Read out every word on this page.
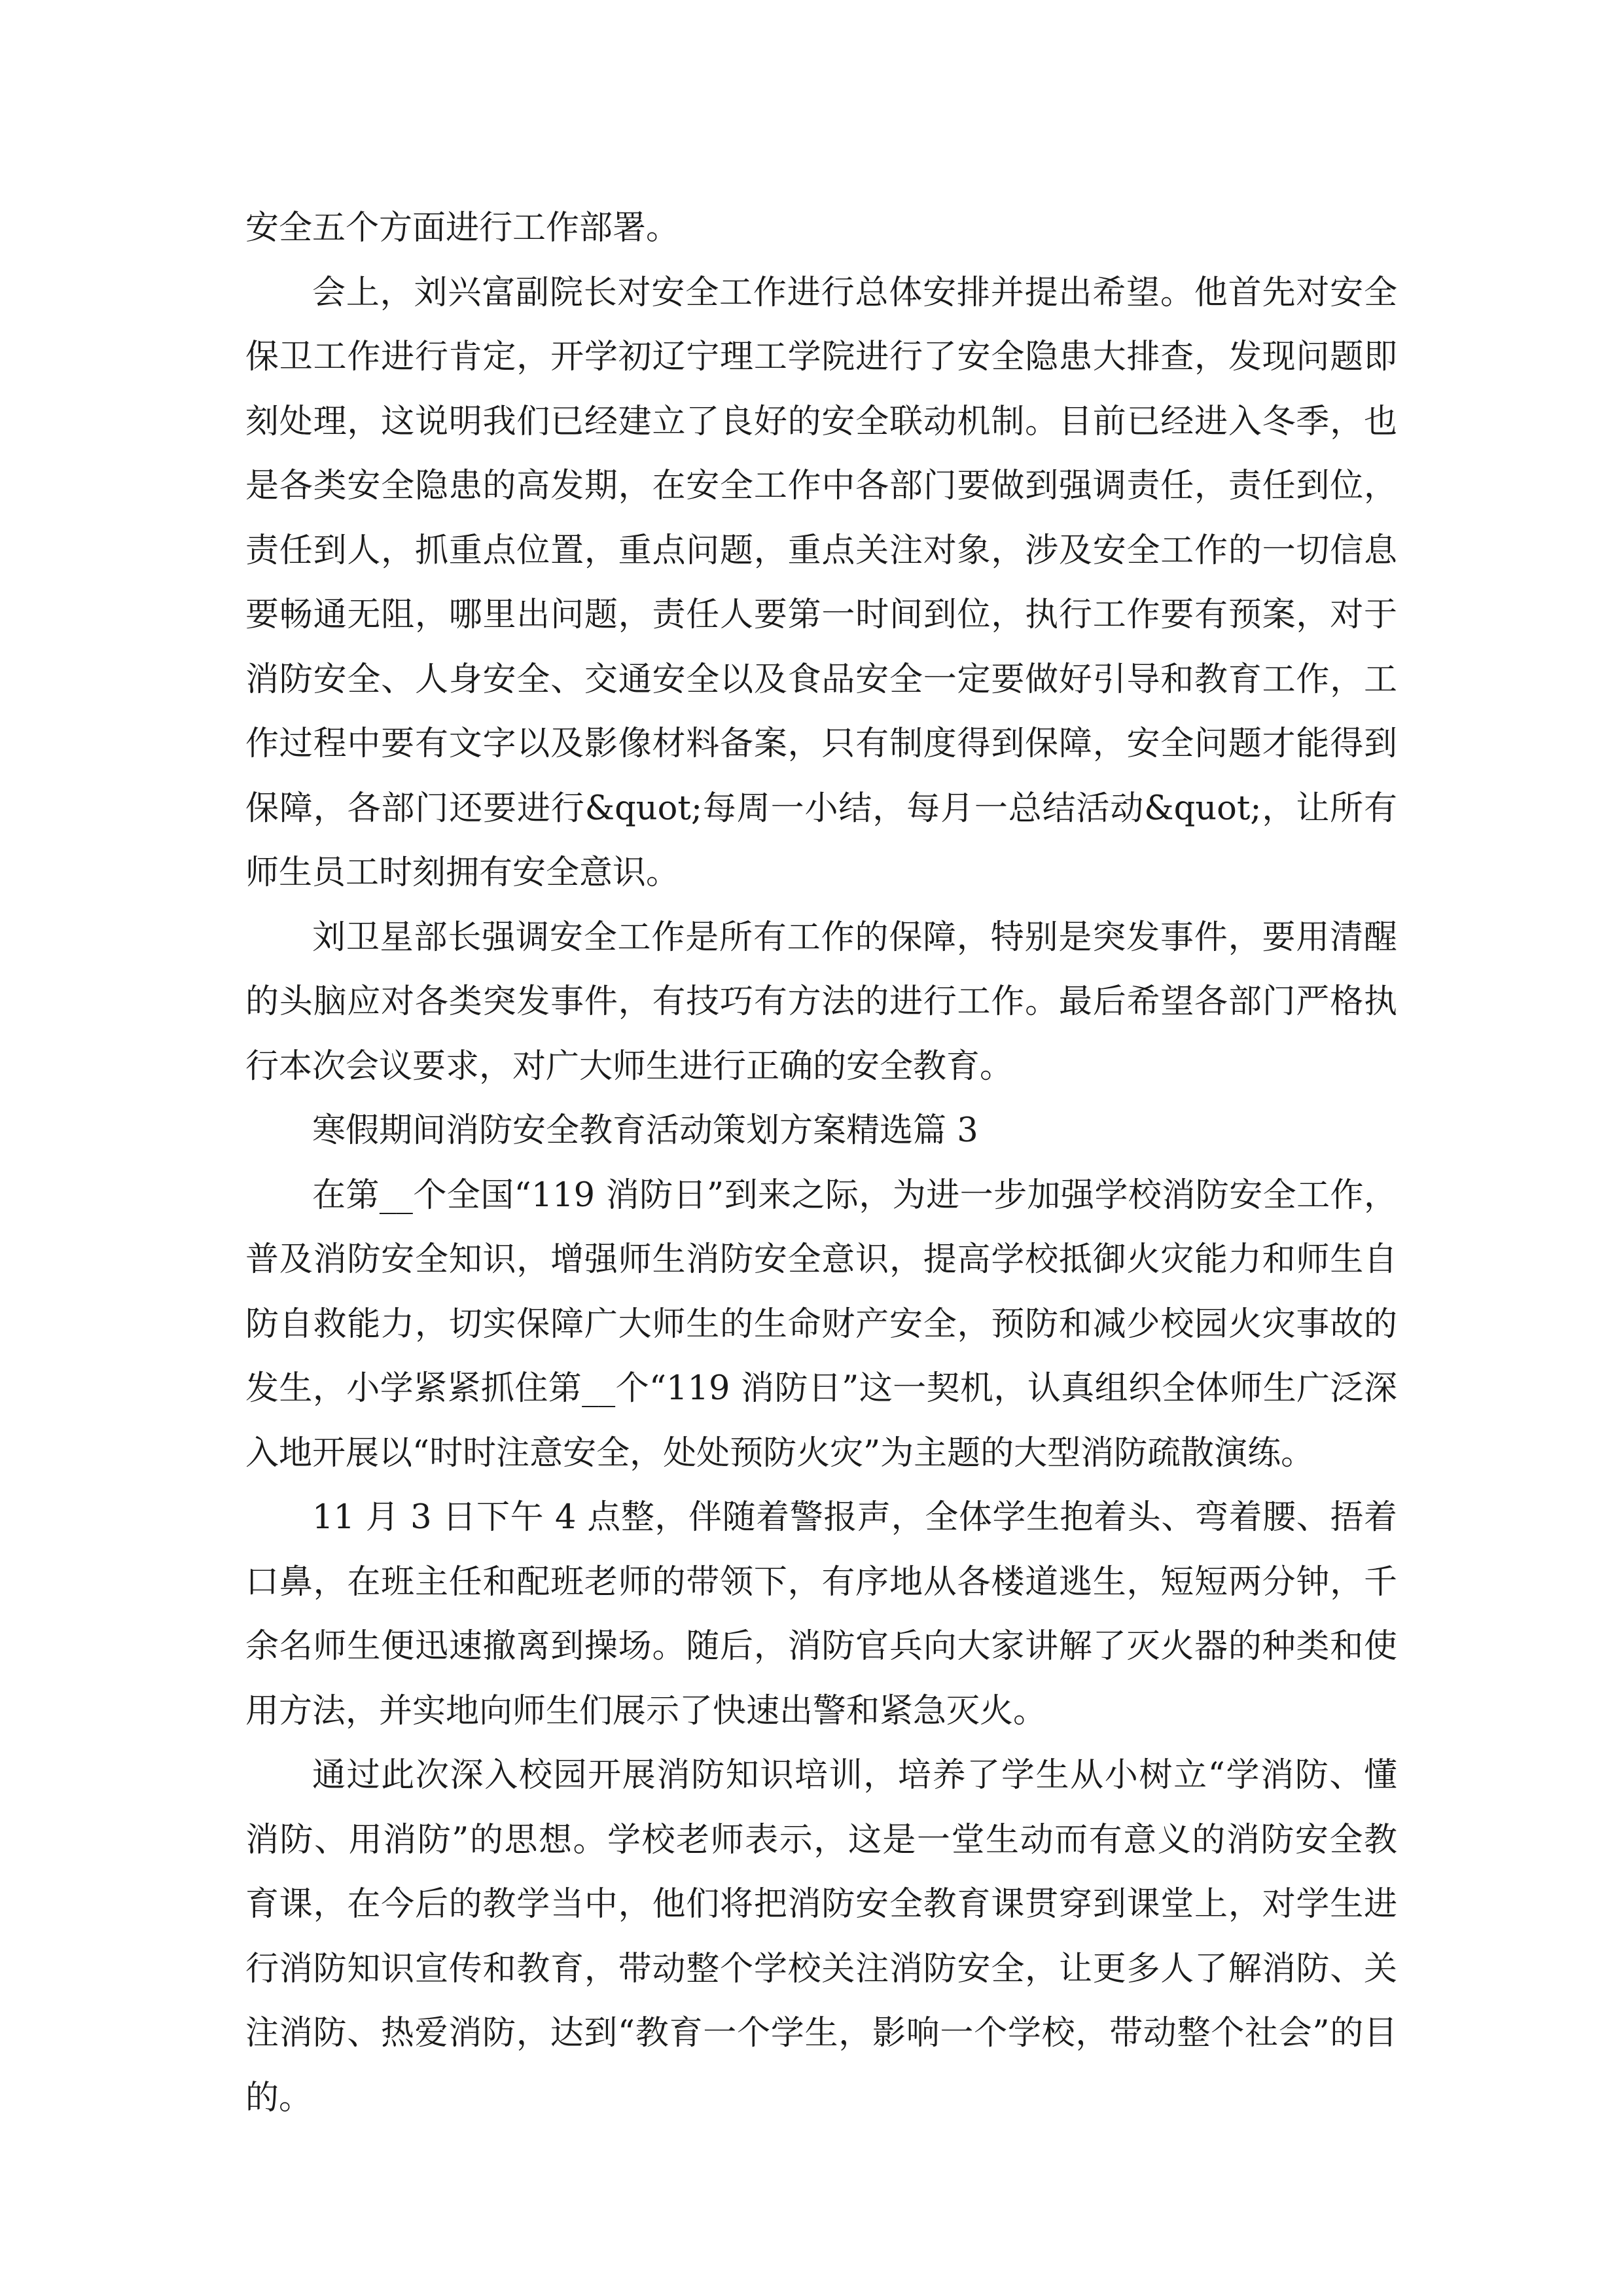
安全五个方面进行工作部署。

会上，刘兴富副院长对安全工作进行总体安排并提出希望。他首先对安全保卫工作进行肯定，开学初辽宁理工学院进行了安全隐患大排查，发现问题即刻处理，这说明我们已经建立了良好的安全联动机制。目前已经进入冬季，也是各类安全隐患的高发期，在安全工作中各部门要做到强调责任，责任到位，责任到人，抓重点位置，重点问题，重点关注对象，涉及安全工作的一切信息要畅通无阻，哪里出问题，责任人要第一时间到位，执行工作要有预案，对于消防安全、人身安全、交通安全以及食品安全一定要做好引导和教育工作，工作过程中要有文字以及影像材料备案，只有制度得到保障，安全问题才能得到保障，各部门还要进行&quot;每周一小结，每月一总结活动&quot;，让所有师生员工时刻拥有安全意识。

刘卫星部长强调安全工作是所有工作的保障，特别是突发事件，要用清醒的头脑应对各类突发事件，有技巧有方法的进行工作。最后希望各部门严格执行本次会议要求，对广大师生进行正确的安全教育。

寒假期间消防安全教育活动策划方案精选篇 3

在第__个全国“119 消防日”到来之际，为进一步加强学校消防安全工作，普及消防安全知识，增强师生消防安全意识，提高学校抵御火灾能力和师生自防自救能力，切实保障广大师生的生命财产安全，预防和减少校园火灾事故的发生，小学紧紧抓住第__个“119 消防日”这一契机，认真组织全体师生广泛深入地开展以“时时注意安全，处处预防火灾”为主题的大型消防疏散演练。

11 月 3 日下午 4 点整，伴随着警报声，全体学生抱着头、弯着腰、捂着口鼻，在班主任和配班老师的带领下，有序地从各楼道逃生，短短两分钟，千余名师生便迅速撤离到操场。随后，消防官兵向大家讲解了灭火器的种类和使用方法，并实地向师生们展示了快速出警和紧急灭火。

通过此次深入校园开展消防知识培训，培养了学生从小树立“学消防、懂消防、用消防”的思想。学校老师表示，这是一堂生动而有意义的消防安全教育课，在今后的教学当中，他们将把消防安全教育课贯穿到课堂上，对学生进行消防知识宣传和教育，带动整个学校关注消防安全，让更多人了解消防、关注消防、热爱消防，达到“教育一个学生，影响一个学校，带动整个社会”的目的。
